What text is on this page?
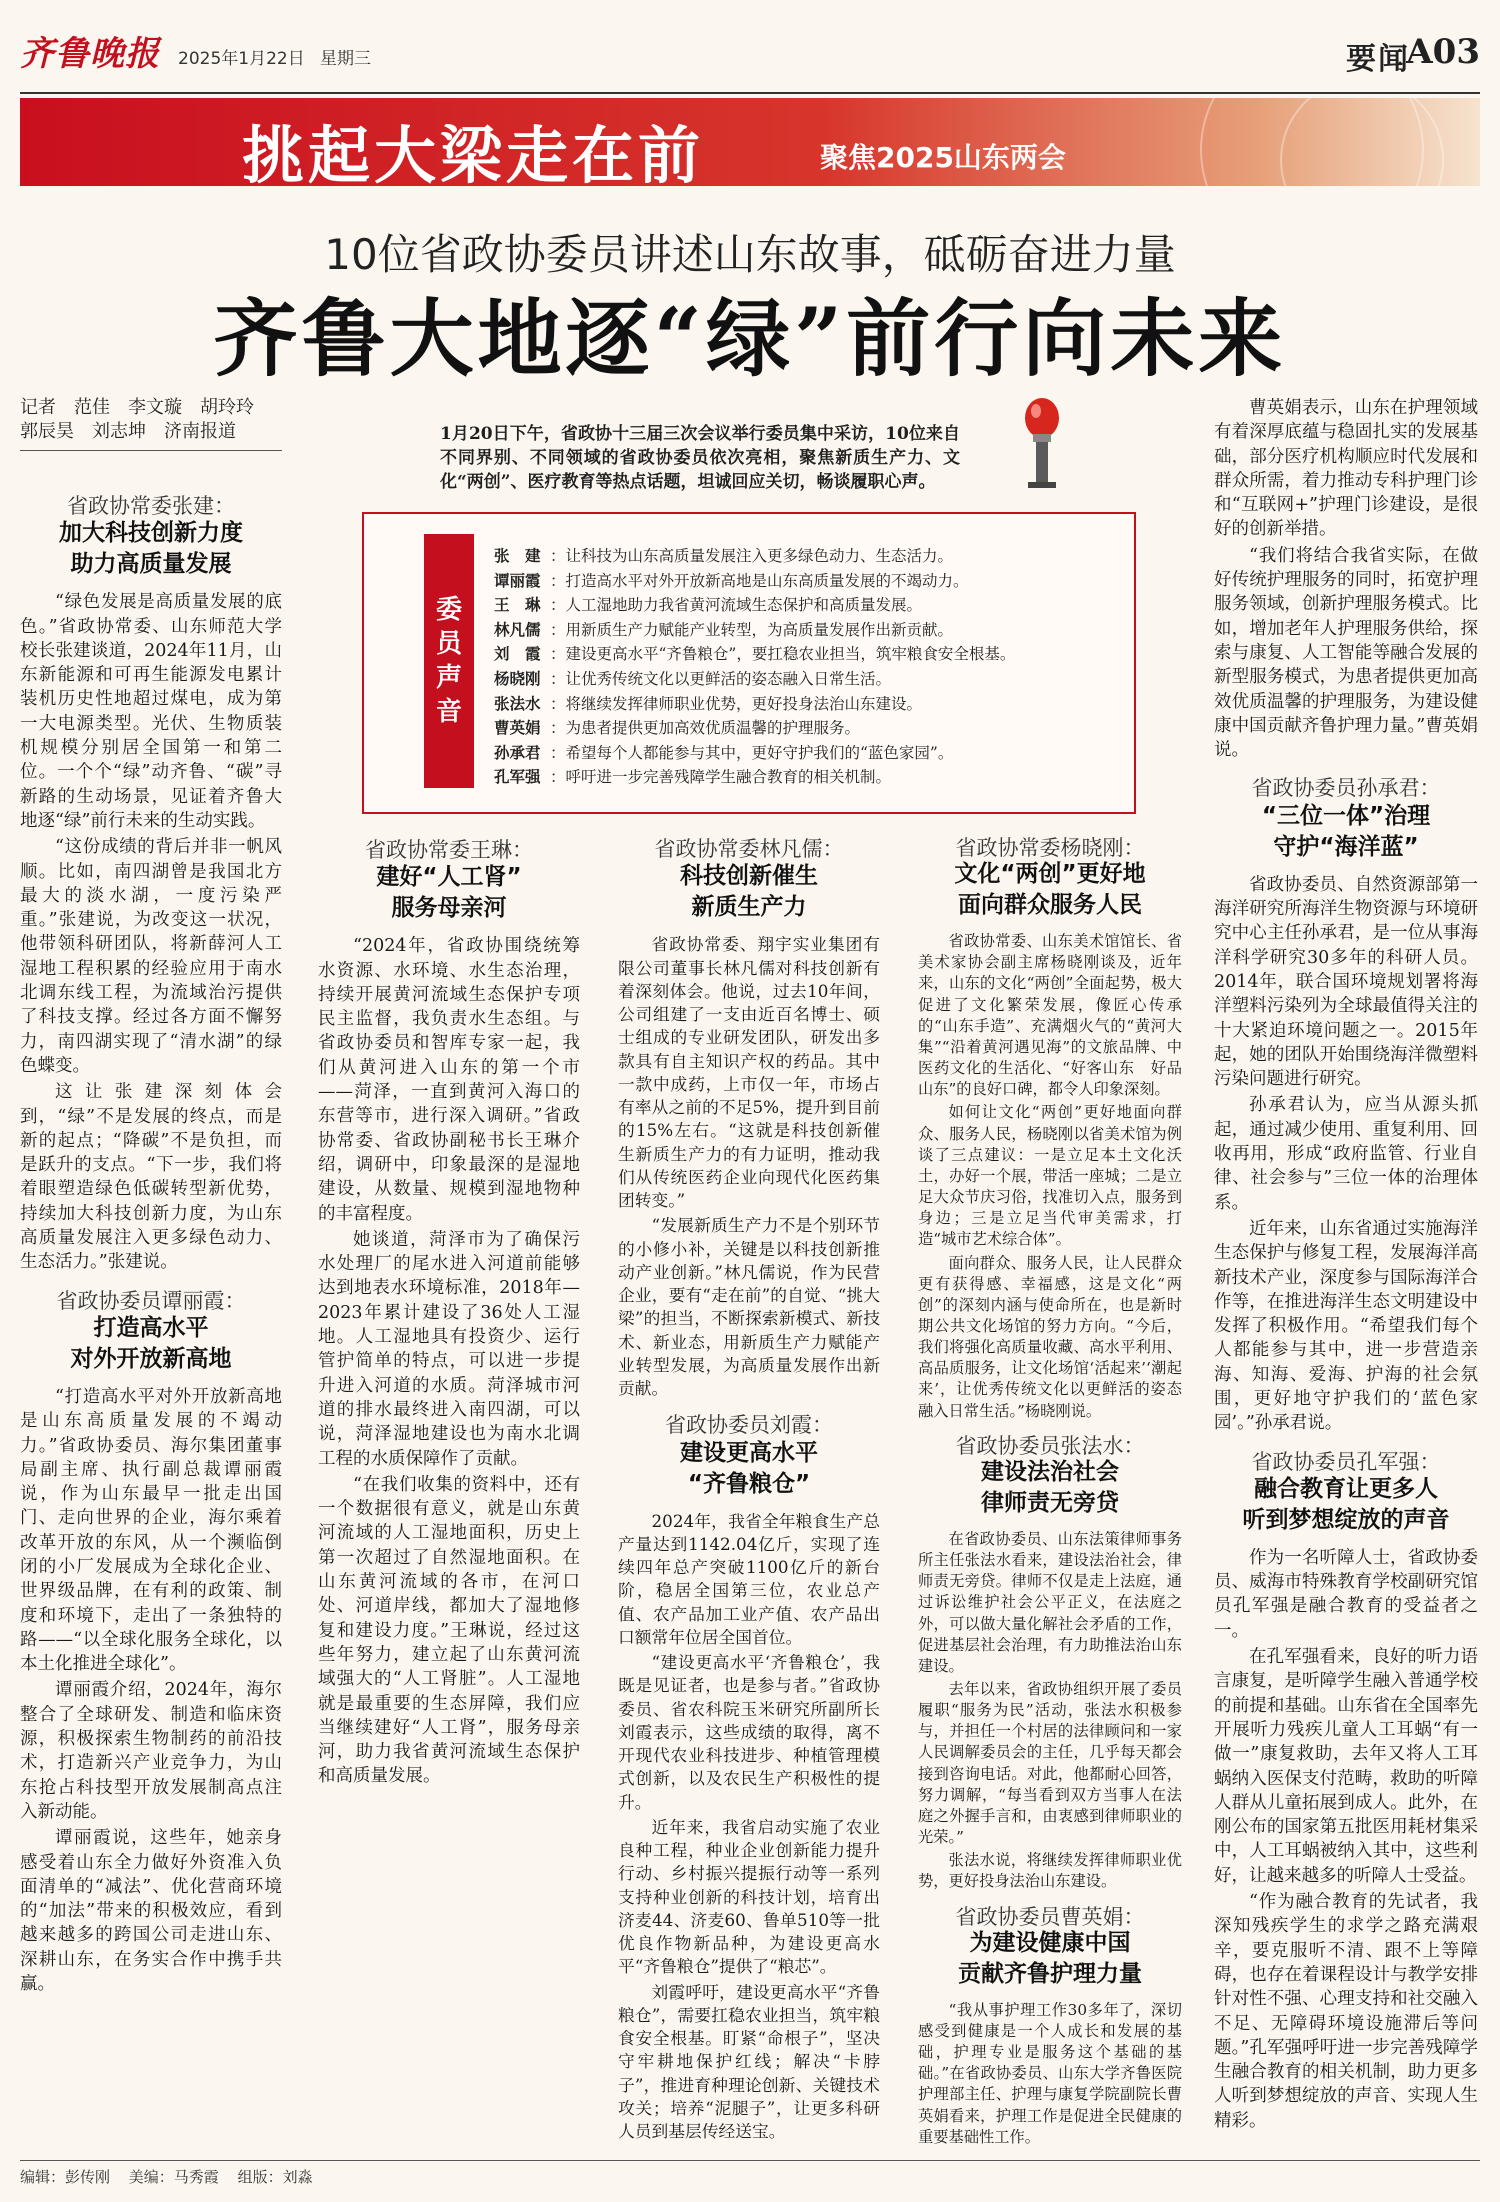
齐鲁晚报 2025年1月22日 星期三	要闻
A03
挑起大梁走在前	聚焦2025山东两会
10位省政协委员讲述山东故事，砥砺奋进力量
齐鲁大地逐“绿”前行向未来
记者　范佳　李文璇　胡玲玲
郭辰昊　刘志坤　济南报道	1月20日下午，省政协十三届三次会议举行委员集中采访，10位来自不同界别、不同领域的省政协委员依次亮相，聚焦新质生产力、文化“两创”、医疗教育等热点话题，坦诚回应关切，畅谈履职心声。
委
员
声
音
张　建 ：让科技为山东高质量发展注入更多绿色动力、生态活力。
谭丽霞 ：打造高水平对外开放新高地是山东高质量发展的不竭动力。
王　琳 ：人工湿地助力我省黄河流域生态保护和高质量发展。
林凡儒 ：用新质生产力赋能产业转型，为高质量发展作出新贡献。
刘　霞 ：建设更高水平“齐鲁粮仓”，要扛稳农业担当，筑牢粮食安全根基。
杨晓刚 ：让优秀传统文化以更鲜活的姿态融入日常生活。
张法水 ：将继续发挥律师职业优势，更好投身法治山东建设。
曹英娟 ：为患者提供更加高效优质温馨的护理服务。
孙承君 ：希望每个人都能参与其中，更好守护我们的“蓝色家园”。
孔军强 ：呼吁进一步完善残障学生融合教育的相关机制。
省政协常委张建：
加大科技创新力度
助力高质量发展

“绿色发展是高质量发展的底色。”省政协常委、山东师范大学校长张建谈道，2024年11月，山东新能源和可再生能源发电累计装机历史性地超过煤电，成为第一大电源类型。光伏、生物质装机规模分别居全国第一和第二位。一个个“绿”动齐鲁、“碳”寻新路的生动场景，见证着齐鲁大地逐“绿”前行未来的生动实践。

“这份成绩的背后并非一帆风顺。比如，南四湖曾是我国北方最大的淡水湖，一度污染严重。”张建说，为改变这一状况，他带领科研团队，将新薛河人工湿地工程积累的经验应用于南水北调东线工程，为流域治污提供了科技支撑。经过各方面不懈努力，南四湖实现了“清水湖”的绿色蝶变。

这让张建深刻体会到，“绿”不是发展的终点，而是新的起点；“降碳”不是负担，而是跃升的支点。“下一步，我们将着眼塑造绿色低碳转型新优势，持续加大科技创新力度，为山东高质量发展注入更多绿色动力、生态活力。”张建说。

省政协委员谭丽霞：
打造高水平
对外开放新高地

“打造高水平对外开放新高地是山东高质量发展的不竭动力。”省政协委员、海尔集团董事局副主席、执行副总裁谭丽霞说，作为山东最早一批走出国门、走向世界的企业，海尔乘着改革开放的东风，从一个濒临倒闭的小厂发展成为全球化企业、世界级品牌，在有利的政策、制度和环境下，走出了一条独特的路——“以全球化服务全球化，以本土化推进全球化”。

谭丽霞介绍，2024年，海尔整合了全球研发、制造和临床资源，积极探索生物制药的前沿技术，打造新兴产业竞争力，为山东抢占科技型开放发展制高点注入新动能。

谭丽霞说，这些年，她亲身感受着山东全力做好外资准入负面清单的“减法”、优化营商环境的“加法”带来的积极效应，看到越来越多的跨国公司走进山东、深耕山东，在务实合作中携手共赢。

省政协常委王琳：
建好“人工肾”
服务母亲河

“2024年，省政协围绕统筹水资源、水环境、水生态治理，持续开展黄河流域生态保护专项民主监督，我负责水生态组。与省政协委员和智库专家一起，我们从黄河进入山东的第一个市——菏泽，一直到黄河入海口的东营等市，进行深入调研。”省政协常委、省政协副秘书长王琳介绍，调研中，印象最深的是湿地建设，从数量、规模到湿地物种的丰富程度。

她谈道，菏泽市为了确保污水处理厂的尾水进入河道前能够达到地表水环境标准，2018年—2023年累计建设了36处人工湿地。人工湿地具有投资少、运行管护简单的特点，可以进一步提升进入河道的水质。菏泽城市河道的排水最终进入南四湖，可以说，菏泽湿地建设也为南水北调工程的水质保障作了贡献。

“在我们收集的资料中，还有一个数据很有意义，就是山东黄河流域的人工湿地面积，历史上第一次超过了自然湿地面积。在山东黄河流域的各市，在河口处、河道岸线，都加大了湿地修复和建设力度。”王琳说，经过这些年努力，建立起了山东黄河流域强大的“人工肾脏”。人工湿地就是最重要的生态屏障，我们应当继续建好“人工肾”，服务母亲河，助力我省黄河流域生态保护和高质量发展。

省政协常委林凡儒：
科技创新催生
新质生产力

省政协常委、翔宇实业集团有限公司董事长林凡儒对科技创新有着深刻体会。他说，过去10年间，公司组建了一支由近百名博士、硕士组成的专业研发团队，研发出多款具有自主知识产权的药品。其中一款中成药，上市仅一年，市场占有率从之前的不足5%，提升到目前的15%左右。“这就是科技创新催生新质生产力的有力证明，推动我们从传统医药企业向现代化医药集团转变。”

“发展新质生产力不是个别环节的小修小补，关键是以科技创新推动产业创新。”林凡儒说，作为民营企业，要有“走在前”的自觉、“挑大梁”的担当，不断探索新模式、新技术、新业态，用新质生产力赋能产业转型发展，为高质量发展作出新贡献。

省政协委员刘霞：
建设更高水平
“齐鲁粮仓”

2024年，我省全年粮食生产总产量达到1142.04亿斤，实现了连续四年总产突破1100亿斤的新台阶，稳居全国第三位，农业总产值、农产品加工业产值、农产品出口额常年位居全国首位。

“建设更高水平‘齐鲁粮仓’，我既是见证者，也是参与者。”省政协委员、省农科院玉米研究所副所长刘霞表示，这些成绩的取得，离不开现代农业科技进步、种植管理模式创新，以及农民生产积极性的提升。

近年来，我省启动实施了农业良种工程，种业企业创新能力提升行动、乡村振兴提振行动等一系列支持种业创新的科技计划，培育出济麦44、济麦60、鲁单510等一批优良作物新品种，为建设更高水平“齐鲁粮仓”提供了“粮芯”。

刘霞呼吁，建设更高水平“齐鲁粮仓”，需要扛稳农业担当，筑牢粮食安全根基。盯紧“命根子”，坚决守牢耕地保护红线；解决“卡脖子”，推进育种理论创新、关键技术攻关；培养“泥腿子”，让更多科研人员到基层传经送宝。

省政协常委杨晓刚：
文化“两创”更好地
面向群众服务人民

省政协常委、山东美术馆馆长、省美术家协会副主席杨晓刚谈及，近年来，山东的文化“两创”全面起势，极大促进了文化繁荣发展，像匠心传承的“山东手造”、充满烟火气的“黄河大集”“沿着黄河遇见海”的文旅品牌、中医药文化的生活化、“好客山东　好品山东”的良好口碑，都令人印象深刻。

如何让文化“两创”更好地面向群众、服务人民，杨晓刚以省美术馆为例谈了三点建议：一是立足本土文化沃土，办好一个展，带活一座城；二是立足大众节庆习俗，找准切入点，服务到身边；三是立足当代审美需求，打造“城市艺术综合体”。

面向群众、服务人民，让人民群众更有获得感、幸福感，这是文化“两创”的深刻内涵与使命所在，也是新时期公共文化场馆的努力方向。“今后，我们将强化高质量收藏、高水平利用、高品质服务，让文化场馆‘活起来’‘潮起来’，让优秀传统文化以更鲜活的姿态融入日常生活。”杨晓刚说。

省政协委员张法水：
建设法治社会
律师责无旁贷

在省政协委员、山东法策律师事务所主任张法水看来，建设法治社会，律师责无旁贷。律师不仅是走上法庭，通过诉讼维护社会公平正义，在法庭之外，可以做大量化解社会矛盾的工作，促进基层社会治理，有力助推法治山东建设。

去年以来，省政协组织开展了委员履职“服务为民”活动，张法水积极参与，并担任一个村居的法律顾问和一家人民调解委员会的主任，几乎每天都会接到咨询电话。对此，他都耐心回答，努力调解，“每当看到双方当事人在法庭之外握手言和，由衷感到律师职业的光荣。”

张法水说，将继续发挥律师职业优势，更好投身法治山东建设。

省政协委员曹英娟：
为建设健康中国
贡献齐鲁护理力量

“我从事护理工作30多年了，深切感受到健康是一个人成长和发展的基础，护理专业是服务这个基础的基础。”在省政协委员、山东大学齐鲁医院护理部主任、护理与康复学院副院长曹英娟看来，护理工作是促进全民健康的重要基础性工作。

曹英娟表示，山东在护理领域有着深厚底蕴与稳固扎实的发展基础，部分医疗机构顺应时代发展和群众所需，着力推动专科护理门诊和“互联网+”护理门诊建设，是很好的创新举措。

“我们将结合我省实际，在做好传统护理服务的同时，拓宽护理服务领域，创新护理服务模式。比如，增加老年人护理服务供给，探索与康复、人工智能等融合发展的新型服务模式，为患者提供更加高效优质温馨的护理服务，为建设健康中国贡献齐鲁护理力量。”曹英娟说。

省政协委员孙承君：
“三位一体”治理
守护“海洋蓝”

省政协委员、自然资源部第一海洋研究所海洋生物资源与环境研究中心主任孙承君，是一位从事海洋科学研究30多年的科研人员。2014年，联合国环境规划署将海洋塑料污染列为全球最值得关注的十大紧迫环境问题之一。2015年起，她的团队开始围绕海洋微塑料污染问题进行研究。

孙承君认为，应当从源头抓起，通过减少使用、重复利用、回收再用，形成“政府监管、行业自律、社会参与”三位一体的治理体系。

近年来，山东省通过实施海洋生态保护与修复工程，发展海洋高新技术产业，深度参与国际海洋合作等，在推进海洋生态文明建设中发挥了积极作用。“希望我们每个人都能参与其中，进一步营造亲海、知海、爱海、护海的社会氛围，更好地守护我们的‘蓝色家园’。”孙承君说。

省政协委员孔军强：
融合教育让更多人
听到梦想绽放的声音

作为一名听障人士，省政协委员、威海市特殊教育学校副研究馆员孔军强是融合教育的受益者之一。

在孔军强看来，良好的听力语言康复，是听障学生融入普通学校的前提和基础。山东省在全国率先开展听力残疾儿童人工耳蜗“有一做一”康复救助，去年又将人工耳蜗纳入医保支付范畴，救助的听障人群从儿童拓展到成人。此外，在刚公布的国家第五批医用耗材集采中，人工耳蜗被纳入其中，这些利好，让越来越多的听障人士受益。

“作为融合教育的先试者，我深知残疾学生的求学之路充满艰辛，要克服听不清、跟不上等障碍，也存在着课程设计与教学安排针对性不强、心理支持和社交融入不足、无障碍环境设施滞后等问题。”孔军强呼吁进一步完善残障学生融合教育的相关机制，助力更多人听到梦想绽放的声音、实现人生精彩。

编辑：彭传刚 美编：马秀霞 组版：刘淼
